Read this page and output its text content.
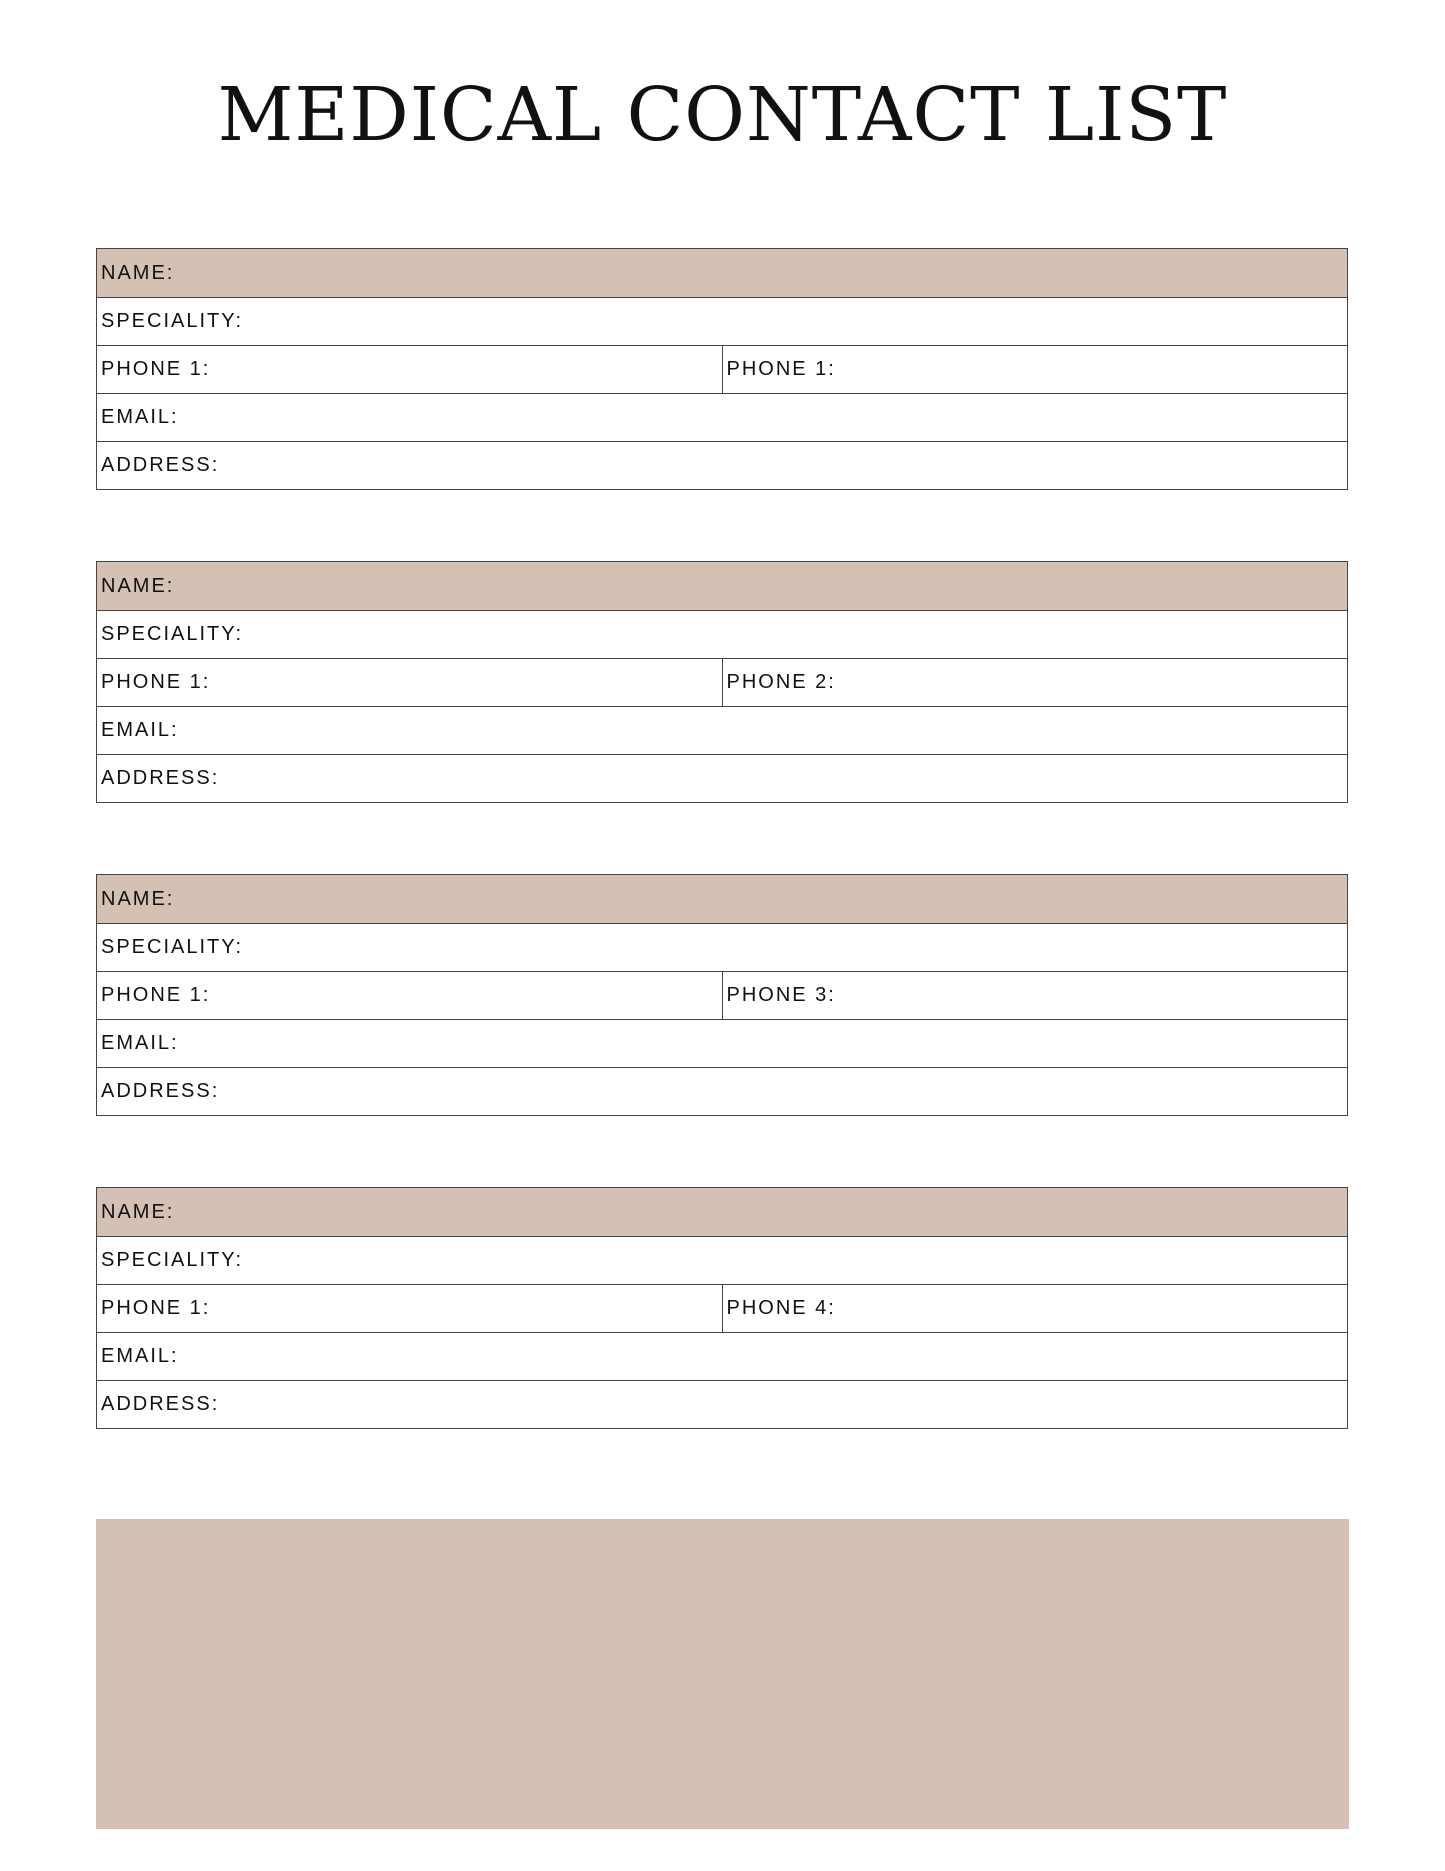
MEDICAL CONTACT LIST
NAME:
SPECIALITY:
PHONE 1:	PHONE 1:
EMAIL:
ADDRESS:
NAME:
SPECIALITY:
PHONE 1:	PHONE 2:
EMAIL:
ADDRESS:
NAME:
SPECIALITY:
PHONE 1:	PHONE 3:
EMAIL:
ADDRESS:
NAME:
SPECIALITY:
PHONE 1:	PHONE 4:
EMAIL:
ADDRESS:
